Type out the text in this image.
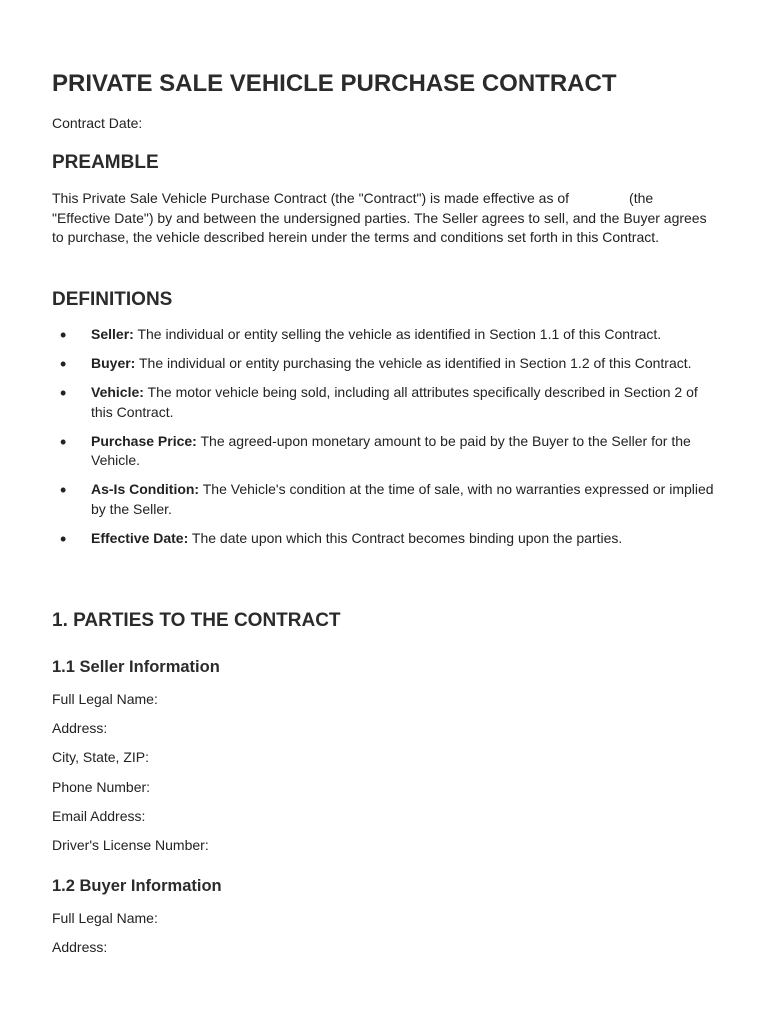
PRIVATE SALE VEHICLE PURCHASE CONTRACT
Contract Date:
PREAMBLE

This Private Sale Vehicle Purchase Contract (the "Contract") is made effective as of	(the "Effective Date") by and between the undersigned parties. The Seller agrees to sell, and the Buyer agrees to purchase, the vehicle described herein under the terms and conditions set forth in this Contract.

DEFINITIONS
• Seller: The individual or entity selling the vehicle as identified in Section 1.1 of this Contract.
• Buyer: The individual or entity purchasing the vehicle as identified in Section 1.2 of this Contract.
• Vehicle: The motor vehicle being sold, including all attributes specifically described in Section 2 of this Contract.
• Purchase Price: The agreed-upon monetary amount to be paid by the Buyer to the Seller for the Vehicle.
• As-Is Condition: The Vehicle's condition at the time of sale, with no warranties expressed or implied by the Seller.
• Effective Date: The date upon which this Contract becomes binding upon the parties.
1. PARTIES TO THE CONTRACT
1.1 Seller Information
Full Legal Name:
Address:
City, State, ZIP:
Phone Number:
Email Address:
Driver's License Number:
1.2 Buyer Information
Full Legal Name:
Address:
